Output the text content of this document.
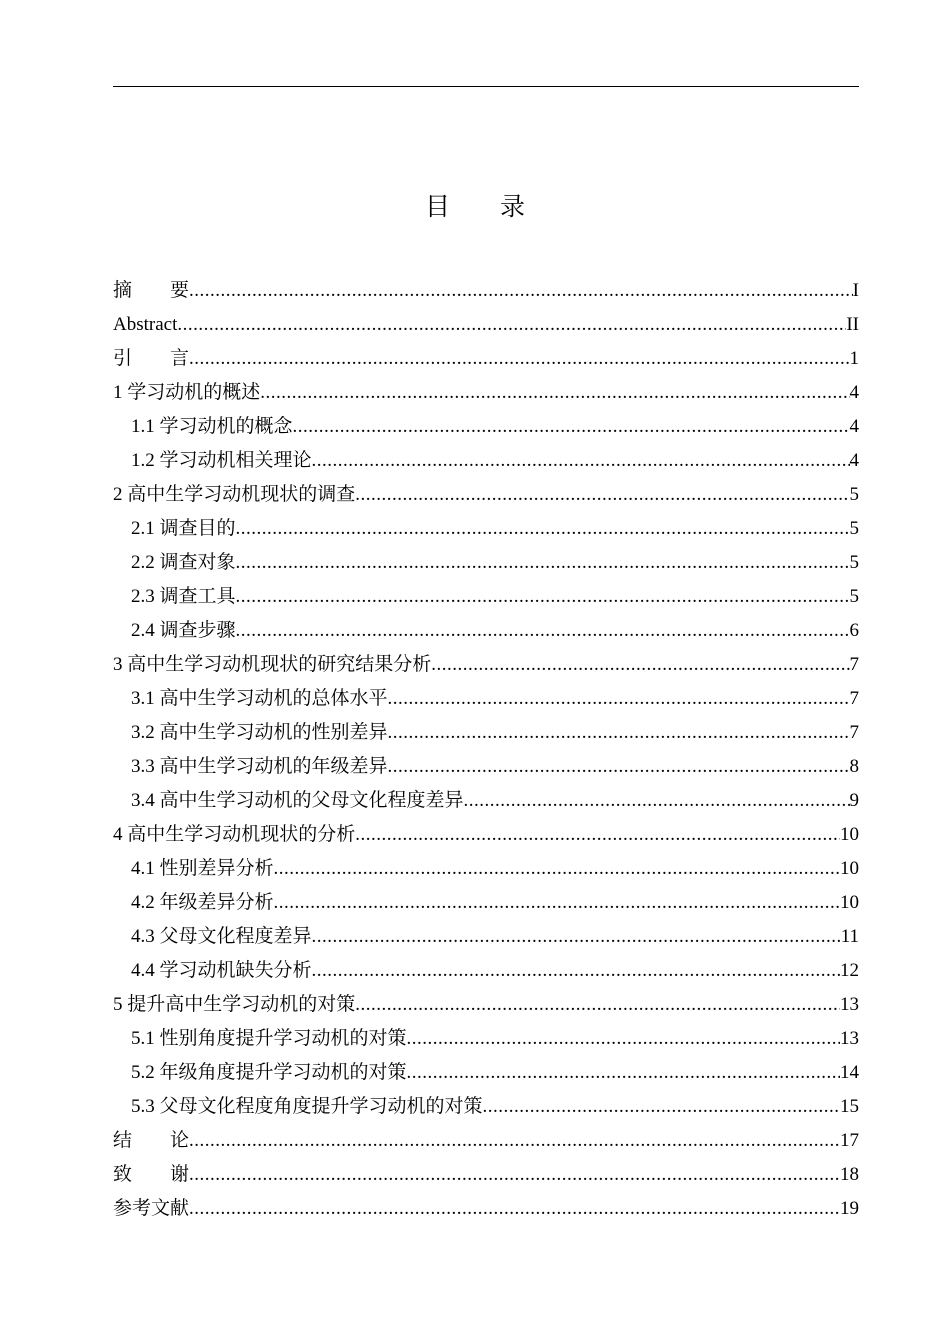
目　　录
摘　　要 .....	I
Abstract .....	II
引　　言 .....	1
1 学习动机的概述 .....	4
1.1 学习动机的概念 .....	4
1.2 学习动机相关理论 .....	4
2 高中生学习动机现状的调查 .....	5
2.1 调查目的 .....	5
2.2 调查对象 .....	5
2.3 调查工具 .....	5
2.4 调查步骤 .....	6
3 高中生学习动机现状的研究结果分析 .....	7
3.1 高中生学习动机的总体水平 .....	7
3.2 高中生学习动机的性别差异 .....	7
3.3 高中生学习动机的年级差异 .....	8
3.4 高中生学习动机的父母文化程度差异 .....	9
4 高中生学习动机现状的分析 .....	10
4.1 性别差异分析 .....	10
4.2 年级差异分析 .....	10
4.3 父母文化程度差异 .....	11
4.4 学习动机缺失分析 .....	12
5 提升高中生学习动机的对策 .....	13
5.1 性别角度提升学习动机的对策 .....	13
5.2 年级角度提升学习动机的对策 .....	14
5.3 父母文化程度角度提升学习动机的对策 .....	15
结　　论 .....	17
致　　谢 .....	18
参考文献 .....	19
